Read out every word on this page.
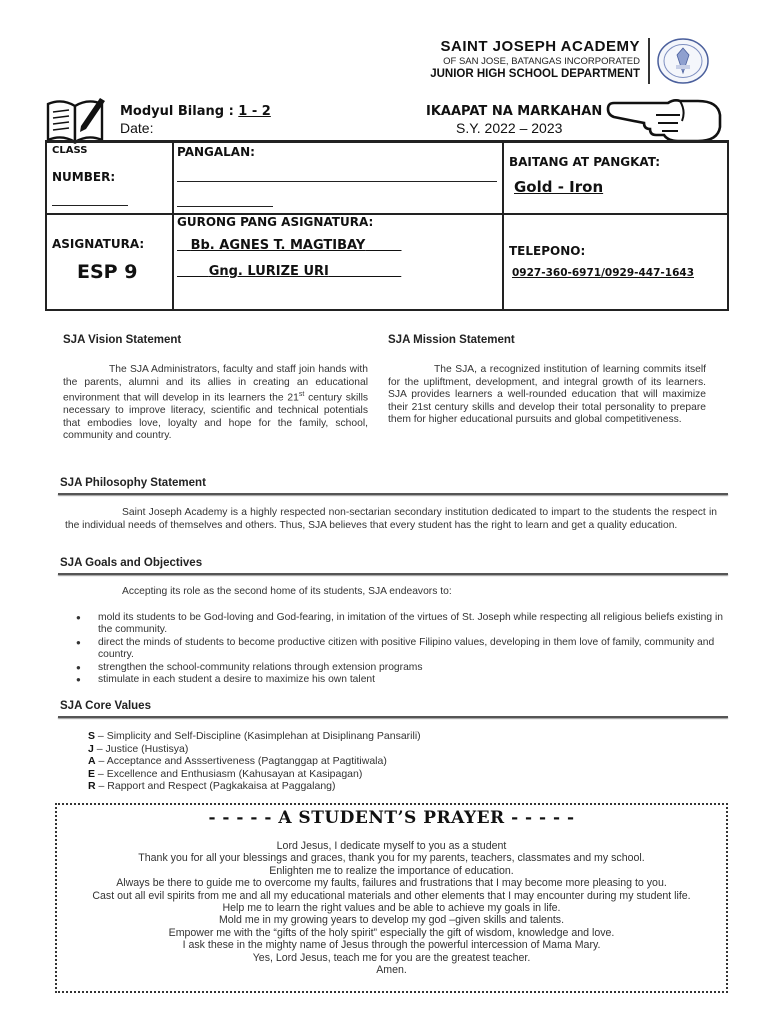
SAINT JOSEPH ACADEMY
OF SAN JOSE, BATANGAS INCORPORATED
JUNIOR HIGH SCHOOL DEPARTMENT
Modyul Bilang : 1 - 2
Date:
IKAAPAT NA MARKAHAN
S.Y. 2022 – 2023
CLASS
NUMBER:
PANGALAN:
BAITANG AT PANGKAT:
Gold - Iron
ASIGNATURA:
ESP 9
GURONG PANG ASIGNATURA:
Bb. AGNES T. MAGTIBAY
Gng. LURIZE URI
TELEPONO:
0927-360-6971/0929-447-1643
SJA Vision Statement
The SJA Administrators, faculty and staff join hands with the parents, alumni and its allies in creating an educational environment that will develop in its learners the 21st century skills necessary to improve literacy, scientific and technical potentials that embodies love, loyalty and hope for the family, school, community and country.
SJA Mission Statement
The SJA, a recognized institution of learning commits itself for the upliftment, development, and integral growth of its learners. SJA provides learners a well-rounded education that will maximize their 21st century skills and develop their total personality to prepare them for higher educational pursuits and global competitiveness.
SJA Philosophy Statement
Saint Joseph Academy is a highly respected non-sectarian secondary institution dedicated to impart to the students the respect in the individual needs of themselves and others. Thus, SJA believes that every student has the right to learn and get a quality education.
SJA Goals and Objectives
Accepting its role as the second home of its students, SJA endeavors to:
● mold its students to be God-loving and God-fearing, in imitation of the virtues of St. Joseph while respecting all religious beliefs existing in the community.
● direct the minds of students to become productive citizen with positive Filipino values, developing in them love of family, community and country.
● strengthen the school-community relations through extension programs
● stimulate in each student a desire to maximize his own talent
SJA Core Values
S – Simplicity and Self-Discipline (Kasimplehan at Disiplinang Pansarili)
J – Justice (Hustisya)
A – Acceptance and Asssertiveness (Pagtanggap at Pagtitiwala)
E – Excellence and Enthusiasm (Kahusayan at Kasipagan)
R – Rapport and Respect (Pagkakaisa at Paggalang)
- - - - - A STUDENT’S PRAYER - - - - -
Lord Jesus, I dedicate myself to you as a student
Thank you for all your blessings and graces, thank you for my parents, teachers, classmates and my school.
Enlighten me to realize the importance of education.
Always be there to guide me to overcome my faults, failures and frustrations that I may become more pleasing to you.
Cast out all evil spirits from me and all my educational materials and other elements that I may encounter during my student life.
Help me to learn the right values and be able to achieve my goals in life.
Mold me in my growing years to develop my god –given skills and talents.
Empower me with the “gifts of the holy spirit” especially the gift of wisdom, knowledge and love.
I ask these in the mighty name of Jesus through the powerful intercession of Mama Mary.
Yes, Lord Jesus, teach me for you are the greatest teacher.
Amen.
